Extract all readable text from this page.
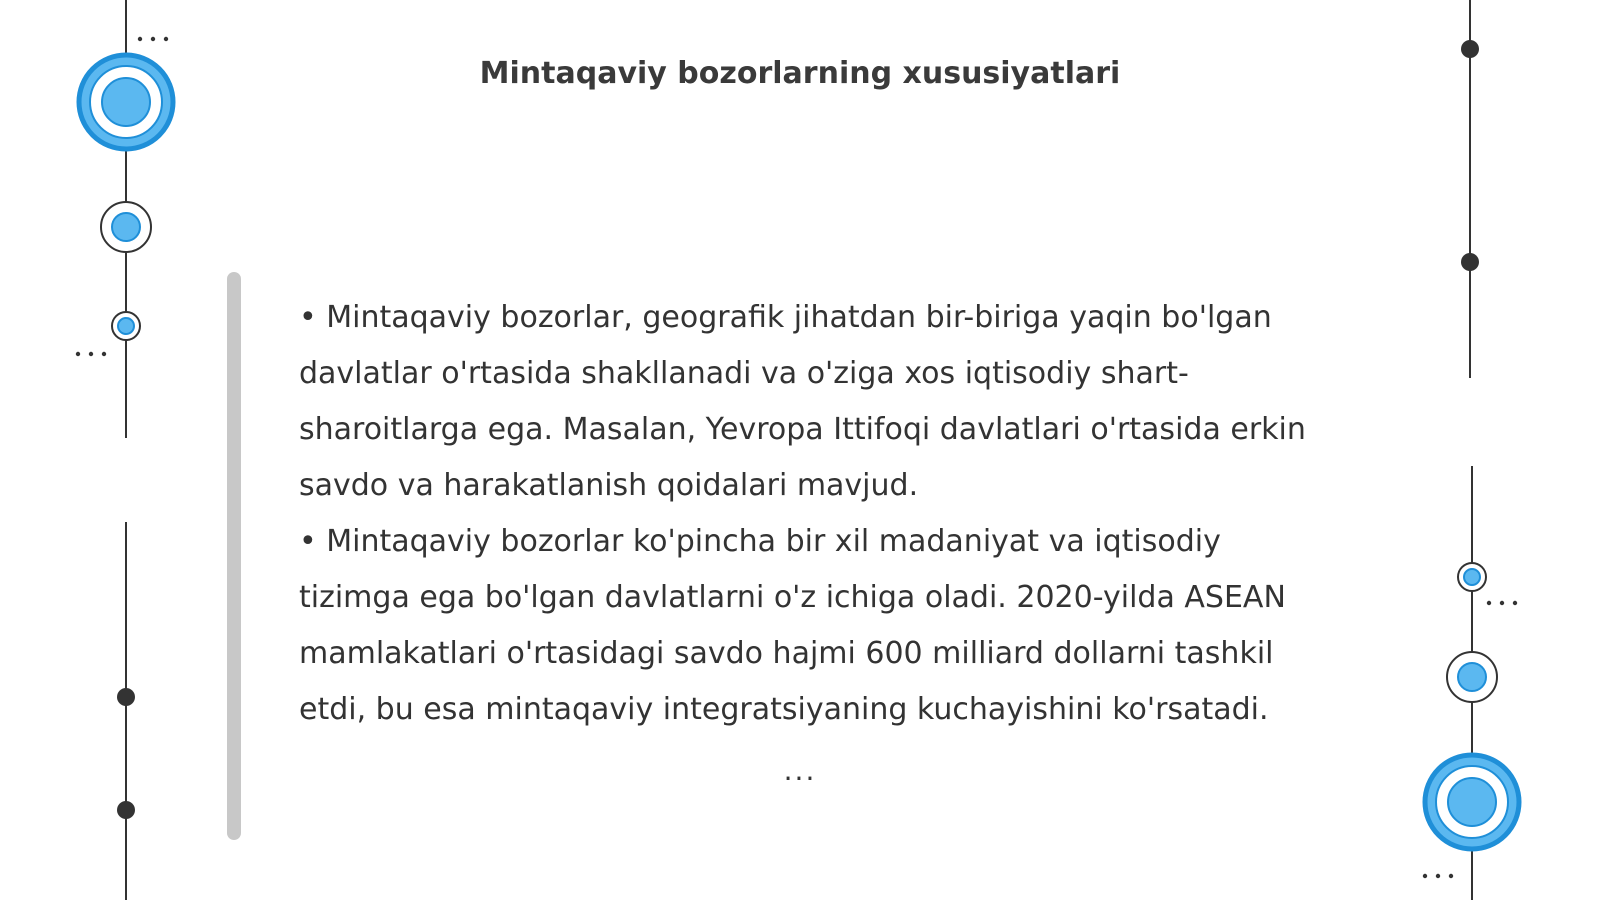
Mintaqaviy bozorlarning xususiyatlari

• Mintaqaviy bozorlar, geografik jihatdan bir-biriga yaqin bo'lgan davlatlar o'rtasida shakllanadi va o'ziga xos iqtisodiy shart-sharoitlarga ega. Masalan, Yevropa Ittifoqi davlatlari o'rtasida erkin savdo va harakatlanish qoidalari mavjud.

• Mintaqaviy bozorlar ko'pincha bir xil madaniyat va iqtisodiy tizimga ega bo'lgan davlatlarni o'z ichiga oladi. 2020-yilda ASEAN mamlakatlari o'rtasidagi savdo hajmi 600 milliard dollarni tashkil etdi, bu esa mintaqaviy integratsiyaning kuchayishini ko'rsatadi.

...
